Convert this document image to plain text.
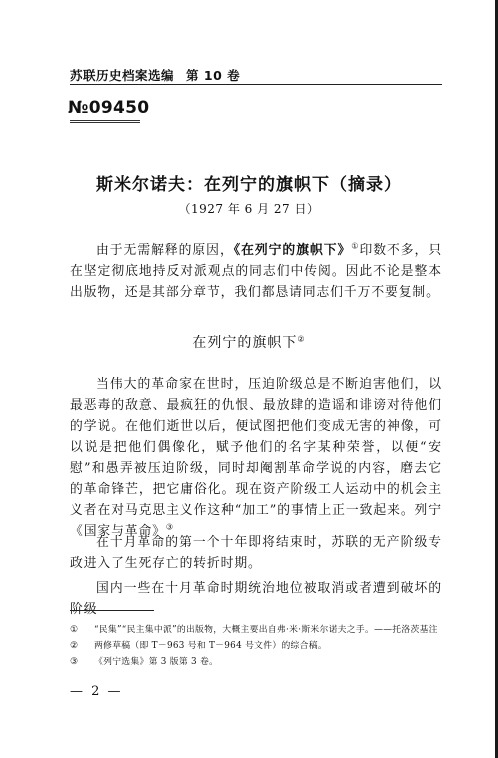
苏联历史档案选编 第 10 卷
№09450
斯米尔诺夫：在列宁的旗帜下（摘录）
（1927 年 6 月 27 日）

由于无需解释的原因，《在列宁的旗帜下》①印数不多，只在坚定彻底地持反对派观点的同志们中传阅。因此不论是整本出版物，还是其部分章节，我们都恳请同志们千万不要复制。

在列宁的旗帜下②

当伟大的革命家在世时，压迫阶级总是不断迫害他们，以最恶毒的敌意、最疯狂的仇恨、最放肆的造谣和诽谤对待他们的学说。在他们逝世以后，便试图把他们变成无害的神像，可以说是把他们偶像化，赋予他们的名字某种荣誉，以便“安慰”和愚弄被压迫阶级，同时却阉割革命学说的内容，磨去它的革命锋芒，把它庸俗化。现在资产阶级工人运动中的机会主义者在对马克思主义作这种“加工”的事情上正一致起来。列宁《国家与革命》③

在十月革命的第一个十年即将结束时，苏联的无产阶级专政进入了生死存亡的转折时期。

国内一些在十月革命时期统治地位被取消或者遭到破坏的阶级

①	“民集”“民主集中派”的出版物，大概主要出自弗·米·斯米尔诺夫之手。——托洛茨基注
②	两修草稿（即 T－963 号和 T－964 号文件）的综合稿。
③	《列宁选集》第 3 版第 3 卷。
— 2 —
